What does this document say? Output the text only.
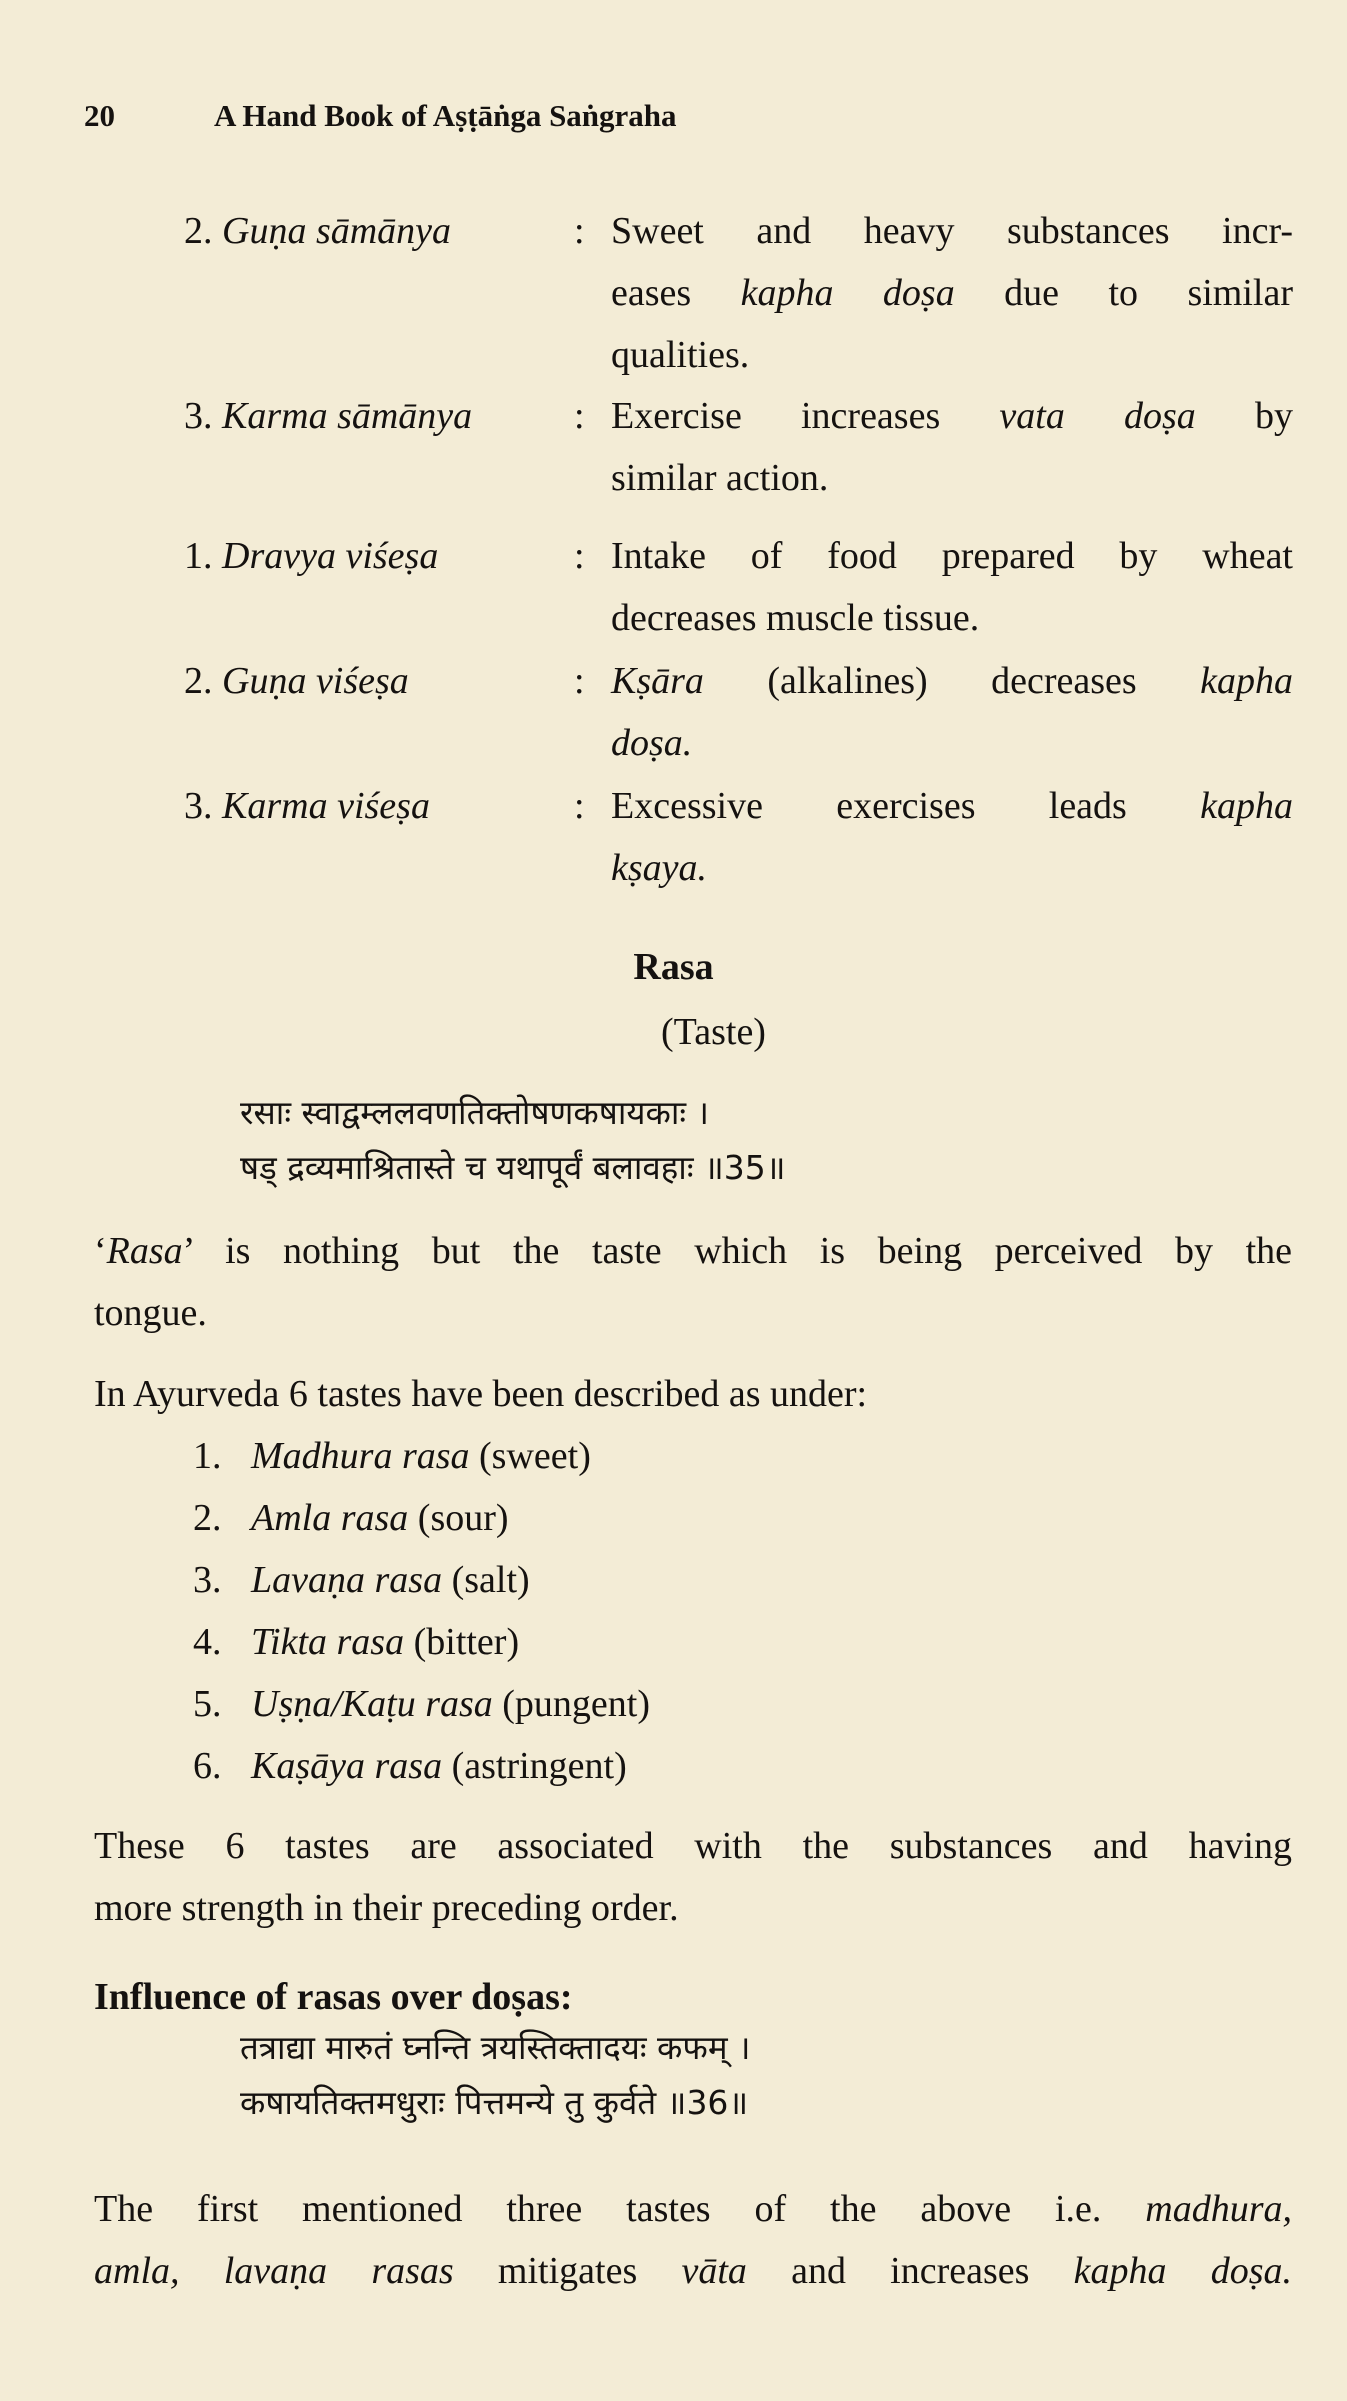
20	A Hand Book of Aṣṭāṅga Saṅgraha
2. Guṇa sāmānya	: Sweet and heavy substances incr-
eases kapha doṣa due to similar
qualities.
3. Karma sāmānya	: Exercise increases vata doṣa by
similar action.
1. Dravya viśeṣa	: Intake of food prepared by wheat
decreases muscle tissue.
2. Guṇa viśeṣa	: Kṣāra (alkalines) decreases kapha
doṣa.
3. Karma viśeṣa	: Excessive exercises leads kapha
kṣaya.
Rasa
(Taste)
रसाः स्वाद्वम्ललवणतिक्तोषणकषायकाः ।
षड् द्रव्यमाश्रितास्ते च यथापूर्वं बलावहाः ॥35॥
‘Rasa’ is nothing but the taste which is being perceived by the
tongue.
In Ayurveda 6 tastes have been described as under:
1. Madhura rasa (sweet)
2. Amla rasa (sour)
3. Lavaṇa rasa (salt)
4. Tikta rasa (bitter)
5. Uṣṇa/Kaṭu rasa (pungent)
6. Kaṣāya rasa (astringent)
These 6 tastes are associated with the substances and having
more strength in their preceding order.
Influence of rasas over doṣas:
तत्राद्या मारुतं घ्नन्ति त्रयस्तिक्तादयः कफम् ।
कषायतिक्तमधुराः पित्तमन्ये तु कुर्वते ॥36॥
The first mentioned three tastes of the above i.e. madhura,
amla, lavaṇa rasas mitigates vāta and increases kapha doṣa.
